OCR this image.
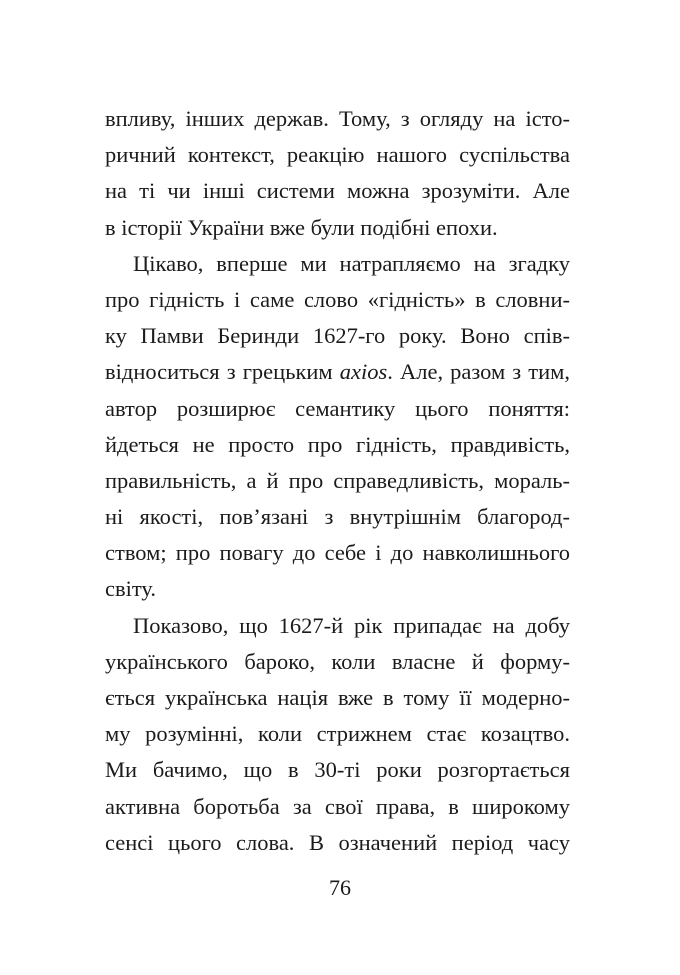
впливу, інших держав. Тому, з огляду на істо-
ричний контекст, реакцію нашого суспільства
на ті чи інші системи можна зрозуміти. Але
в історії України вже були подібні епохи.
Цікаво, вперше ми натрапляємо на згадку
про гідність і саме слово «гідність» в словни-
ку Памви Беринди 1627-го року. Воно спів-
відноситься з грецьким axios. Але, разом з тим,
автор розширює семантику цього поняття:
йдеться не просто про гідність, правдивість,
правильність, а й про справедливість, мораль-
ні якості, пов’язані з внутрішнім благород-
ством; про повагу до себе і до навколишнього
світу.
Показово, що 1627-й рік припадає на добу
українського бароко, коли власне й форму-
ється українська нація вже в тому її модерно-
му розумінні, коли стрижнем стає козацтво.
Ми бачимо, що в 30-ті роки розгортається
активна боротьба за свої права, в широкому
сенсі цього слова. В означений період часу
76
